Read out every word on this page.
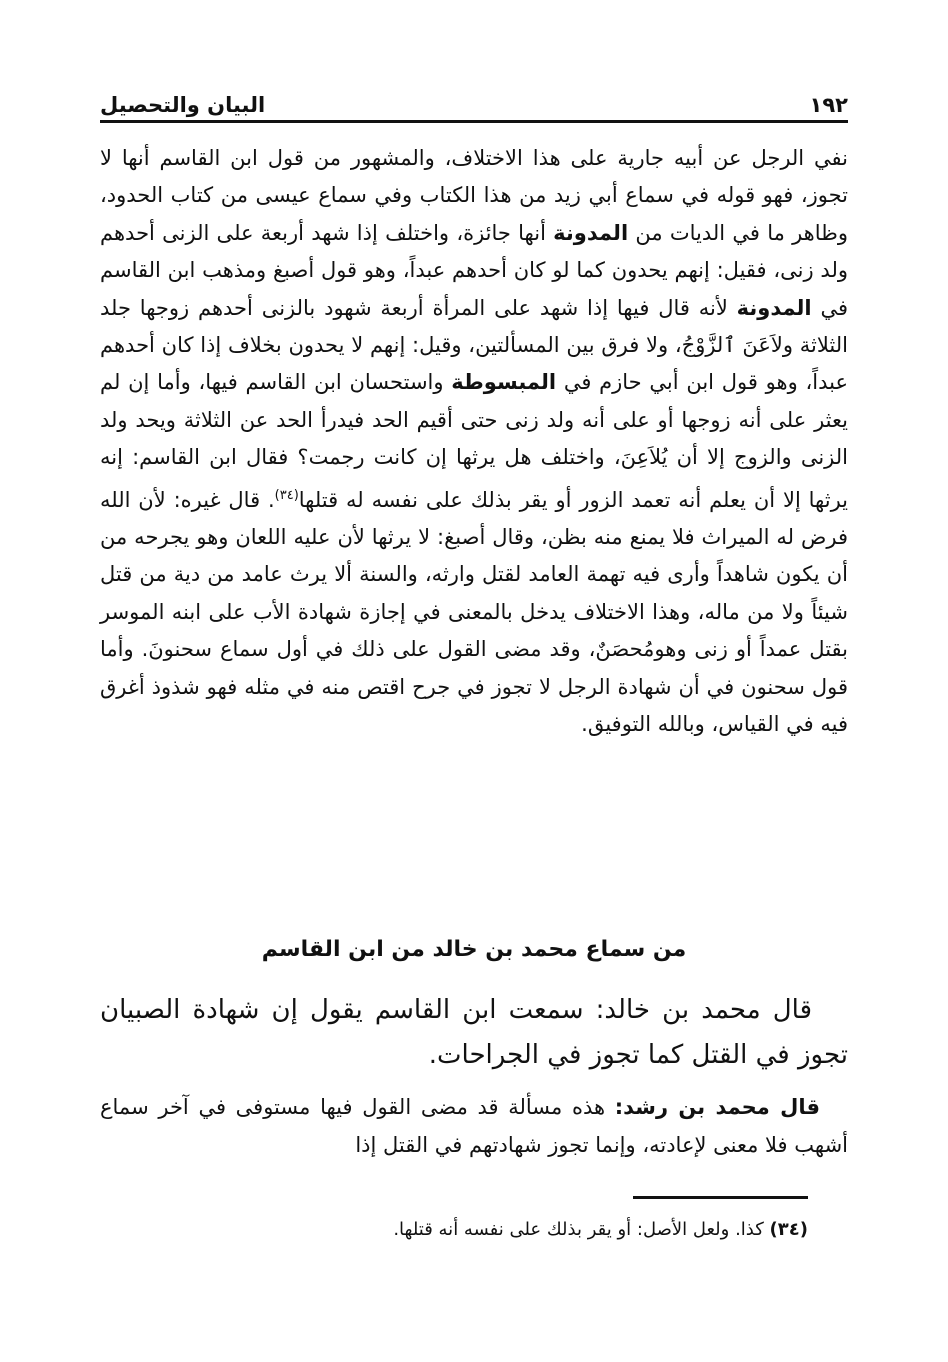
١٩٢
البيان والتحصيل
نفي الرجل عن أبيه جارية على هذا الاختلاف، والمشهور من قول ابن القاسم أنها لا تجوز، فهو قوله في سماع أبي زيد من هذا الكتاب وفي سماع عيسى من كتاب الحدود، وظاهر ما في الديات من المدونة أنها جائزة، واختلف إذا شهد أربعة على الزنى أحدهم ولد زنى، فقيل: إنهم يحدون كما لو كان أحدهم عبداً، وهو قول أصبغ ومذهب ابن القاسم في المدونة لأنه قال فيها إذا شهد على المرأة أربعة شهود بالزنى أحدهم زوجها جلد الثلاثة ولاَعَنَ ٱلزَّوْجُ، ولا فرق بين المسألتين، وقيل: إنهم لا يحدون بخلاف إذا كان أحدهم عبداً، وهو قول ابن أبي حازم في المبسوطة واستحسان ابن القاسم فيها، وأما إن لم يعثر على أنه زوجها أو على أنه ولد زنى حتى أقيم الحد فيدرأ الحد عن الثلاثة ويحد ولد الزنى والزوج إلا أن يُلاَعِنَ، واختلف هل يرثها إن كانت رجمت؟ فقال ابن القاسم: إنه يرثها إلا أن يعلم أنه تعمد الزور أو يقر بذلك على نفسه له قتلها$^{(٣٤)}$. قال غيره: لأن الله فرض له الميراث فلا يمنع منه بظن، وقال أصبغ: لا يرثها لأن عليه اللعان وهو يجرحه من أن يكون شاهداً وأرى فيه تهمة العامد لقتل وارثه، والسنة ألا يرث عامد من دية من قتل شيئاً ولا من ماله، وهذا الاختلاف يدخل بالمعنى في إجازة شهادة الأب على ابنه الموسر بقتل عمداً أو زنى وهومُحصَنٌ، وقد مضى القول على ذلك في أول سماع سحنونَ. وأما قول سحنون في أن شهادة الرجل لا تجوز في جرح اقتص منه في مثله فهو شذوذ أغرق فيه في القياس، وبالله التوفيق.
من سماع محمد بن خالد من ابن القاسم
قال محمد بن خالد: سمعت ابن القاسم يقول إن شهادة الصبيان تجوز في القتل كما تجوز في الجراحات.
قال محمد بن رشد: هذه مسألة قد مضى القول فيها مستوفى في آخر سماع أشهب فلا معنى لإعادته، وإنما تجوز شهادتهم في القتل إذا
(٣٤) كذا. ولعل الأصل: أو يقر بذلك على نفسه أنه قتلها.
